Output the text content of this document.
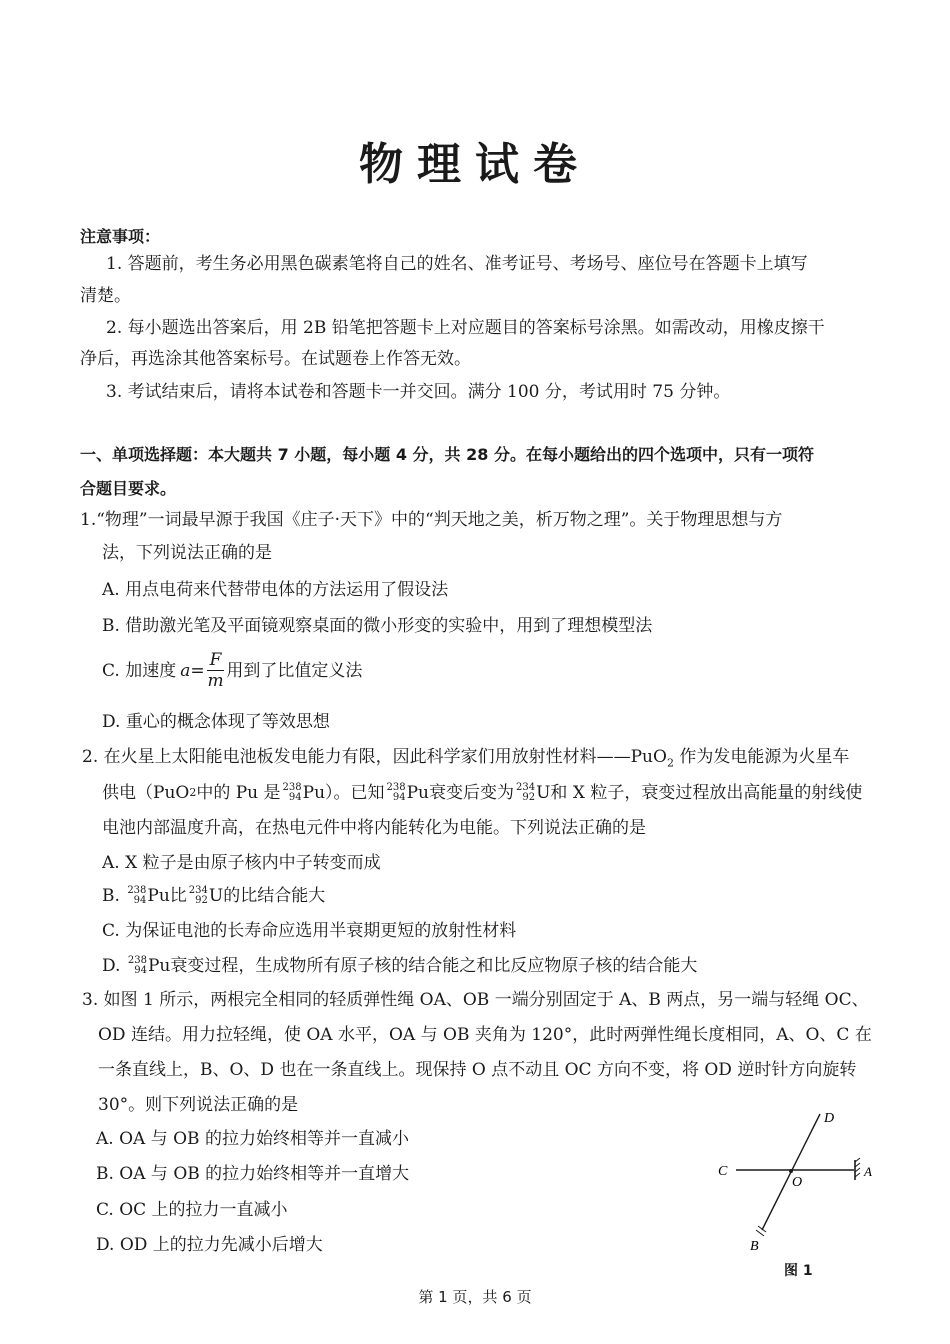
物理试卷
注意事项：
1. 答题前，考生务必用黑色碳素笔将自己的姓名、准考证号、考场号、座位号在答题卡上填写
清楚。
2. 每小题选出答案后，用 2B 铅笔把答题卡上对应题目的答案标号涂黑。如需改动，用橡皮擦干
净后，再选涂其他答案标号。在试题卷上作答无效。
3. 考试结束后，请将本试卷和答题卡一并交回。满分 100 分，考试用时 75 分钟。
一、单项选择题：本大题共 7 小题，每小题 4 分，共 28 分。在每小题给出的四个选项中，只有一项符
合题目要求。
1.“物理”一词最早源于我国《庄子·天下》中的“判天地之美，析万物之理”。关于物理思想与方
法，下列说法正确的是
A. 用点电荷来代替带电体的方法运用了假设法
B. 借助激光笔及平面镜观察桌面的微小形变的实验中，用到了理想模型法
C. 加速度 $a = \frac{F}{m}$ 用到了比值定义法
D. 重心的概念体现了等效思想
2. 在火星上太阳能电池板发电能力有限，因此科学家们用放射性材料——PuO$_2$ 作为发电能源为火星车
供电（PuO 2 中的 Pu 是 238
94 Pu ）。已知 238
94 Pu 衰变后变为 234
92 U 和 X 粒子，衰变过程放出高能量的射线使
电池内部温度升高，在热电元件中将内能转化为电能。下列说法正确的是
A. X 粒子是由原子核内中子转变而成
B. 238
94 Pu 比 234
92 U 的比结合能大
C. 为保证电池的长寿命应选用半衰期更短的放射性材料
D. 238
94 Pu 衰变过程，生成物所有原子核的结合能之和比反应物原子核的结合能大
3. 如图 1 所示，两根完全相同的轻质弹性绳 OA、OB 一端分别固定于 A、B 两点，另一端与轻绳 OC、
OD 连结。用力拉轻绳，使 OA 水平，OA 与 OB 夹角为 120°，此时两弹性绳长度相同，A、O、C 在
一条直线上，B、O、D 也在一条直线上。现保持 O 点不动且 OC 方向不变，将 OD 逆时针方向旋转
30°。则下列说法正确的是
A. OA 与 OB 的拉力始终相等并一直减小
B. OA 与 OB 的拉力始终相等并一直增大
C. OC 上的拉力一直减小
D. OD 上的拉力先减小后增大
D
C
O
A
B
图 1
第 1 页，共 6 页
